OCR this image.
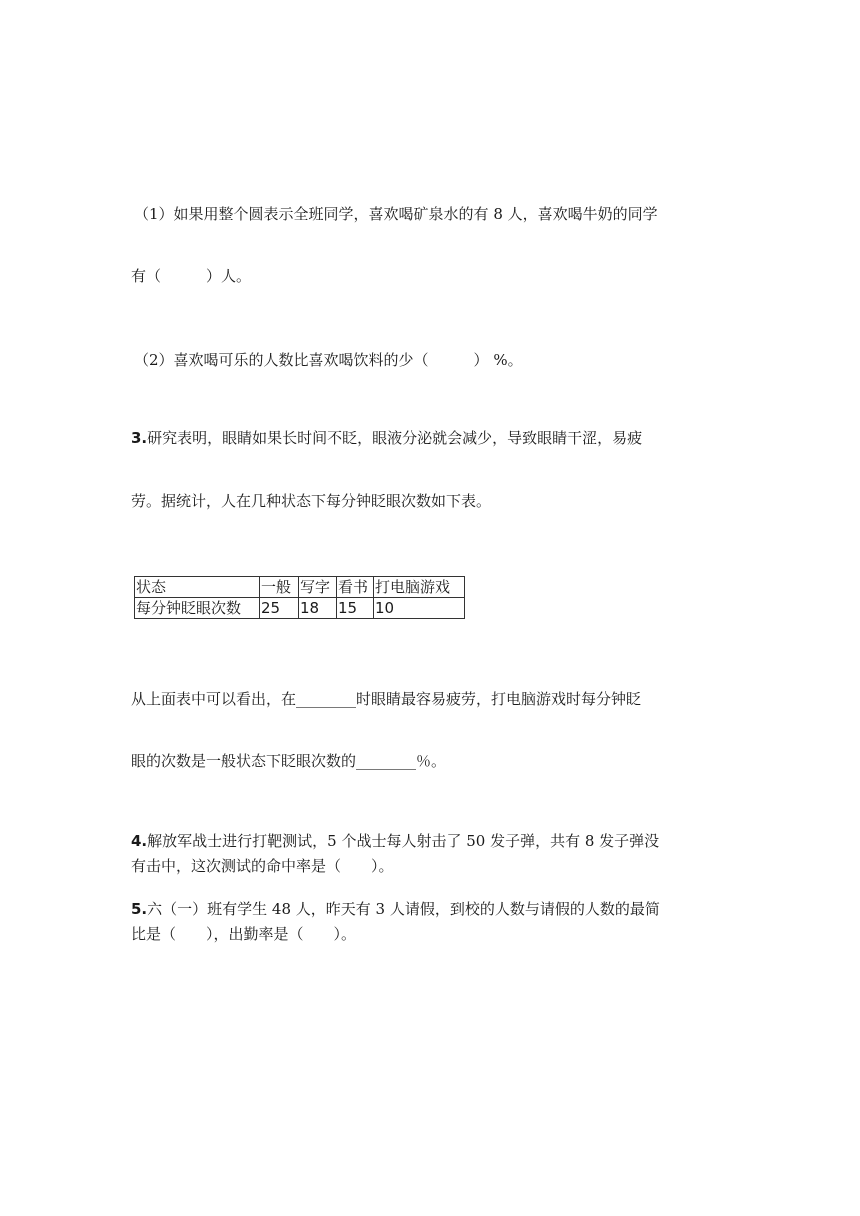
（1）如果用整个圆表示全班同学，喜欢喝矿泉水的有 8 人，喜欢喝牛奶的同学
有（　　　）人。
（2）喜欢喝可乐的人数比喜欢喝饮料的少（　　　） %。
3.研究表明，眼睛如果长时间不眨，眼液分泌就会减少，导致眼睛干涩，易疲
劳。据统计，人在几种状态下每分钟眨眼次数如下表。
状态	一般	写字	看书	打电脑游戏
每分钟眨眼次数	25	18	15	10
从上面表中可以看出，在________时眼睛最容易疲劳，打电脑游戏时每分钟眨
眼的次数是一般状态下眨眼次数的________％。
4.解放军战士进行打靶测试，5 个战士每人射击了 50 发子弹，共有 8 发子弹没
有击中，这次测试的命中率是（　　）。
5.六（一）班有学生 48 人，昨天有 3 人请假，到校的人数与请假的人数的最简
比是（　　），出勤率是（　　）。
